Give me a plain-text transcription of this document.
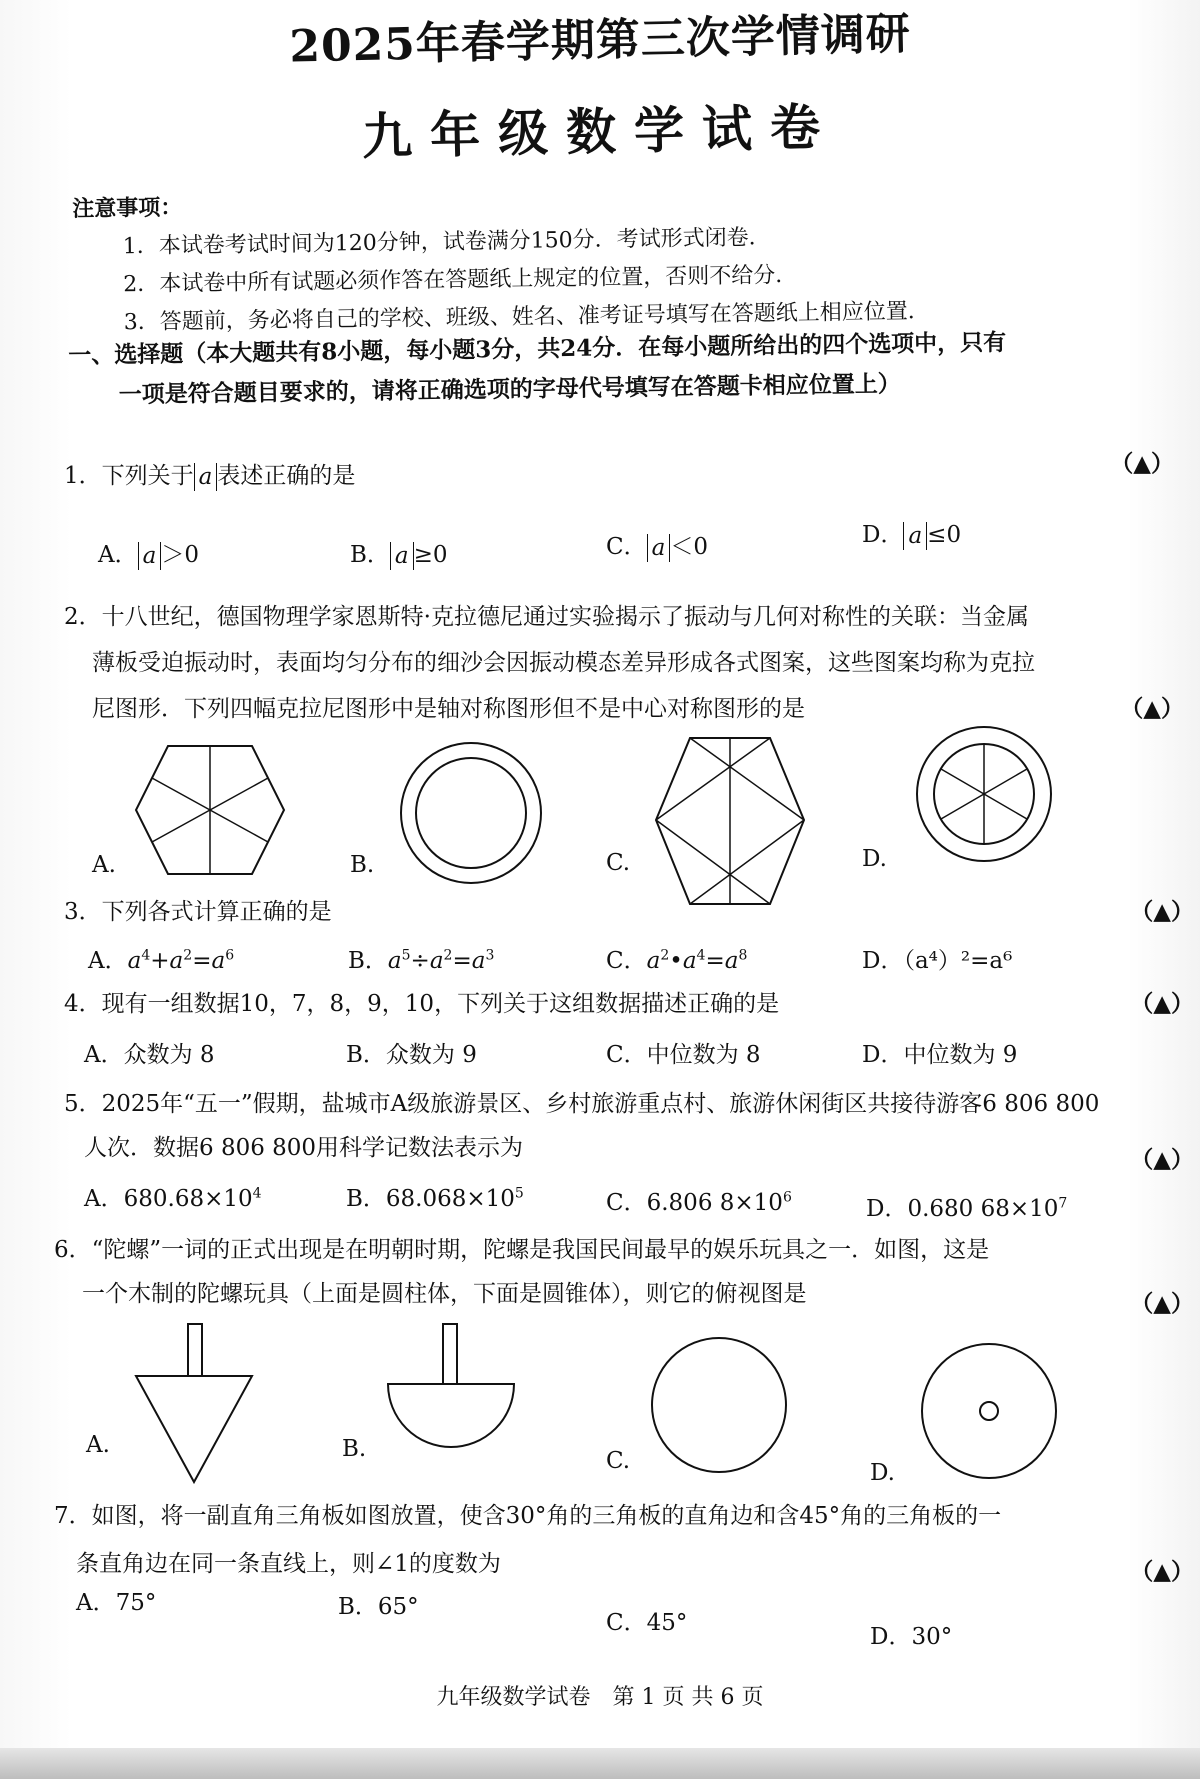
2025年春学期第三次学情调研
九年级数学试卷
注意事项：
1．本试卷考试时间为120分钟，试卷满分150分．考试形式闭卷．
2．本试卷中所有试题必须作答在答题纸上规定的位置，否则不给分．
3．答题前，务必将自己的学校、班级、姓名、准考证号填写在答题纸上相应位置．
一、选择题（本大题共有8小题，每小题3分，共24分．在每小题所给出的四个选项中，只有
一项是符合题目要求的，请将正确选项的字母代号填写在答题卡相应位置上）
1．下列关于 a 表述正确的是	（▲）
A． a ＞0	B． a ≥0	C． a ＜0	D． a ≤0
2．十八世纪，德国物理学家恩斯特·克拉德尼通过实验揭示了振动与几何对称性的关联：当金属
薄板受迫振动时，表面均匀分布的细沙会因振动模态差异形成各式图案，这些图案均称为克拉
尼图形．下列四幅克拉尼图形中是轴对称图形但不是中心对称图形的是	（▲）
A.	B.	C.	D.
3．下列各式计算正确的是	（▲）
A．$a^4+a^2=a^6$	B．$a^5\div a^2=a^3$	C．$a^2•a^4=a^8$	D．（a⁴）²=a⁶
4．现有一组数据10，7，8，9，10，下列关于这组数据描述正确的是	（▲）
A．众数为 8	B．众数为 9	C．中位数为 8	D．中位数为 9
5．2025年“五一”假期，盐城市A级旅游景区、乡村旅游重点村、旅游休闲街区共接待游客6 806 800
人次．数据6 806 800用科学记数法表示为	（▲）
A．$680.68\times 10^4$	B．$68.068\times 10^5$	C．6.806 $8\times 10^6$	D．0.680 $68\times 10^7$
6．“陀螺”一词的正式出现是在明朝时期，陀螺是我国民间最早的娱乐玩具之一．如图，这是
一个木制的陀螺玩具（上面是圆柱体，下面是圆锥体），则它的俯视图是	（▲）
A.	B.	C.	D.
7．如图，将一副直角三角板如图放置，使含30°角的三角板的直角边和含45°角的三角板的一
条直角边在同一条直线上，则∠1的度数为	（▲）
A．75°	B．65°
C．45°
D．30°
九年级数学试卷　第 1 页 共 6 页
